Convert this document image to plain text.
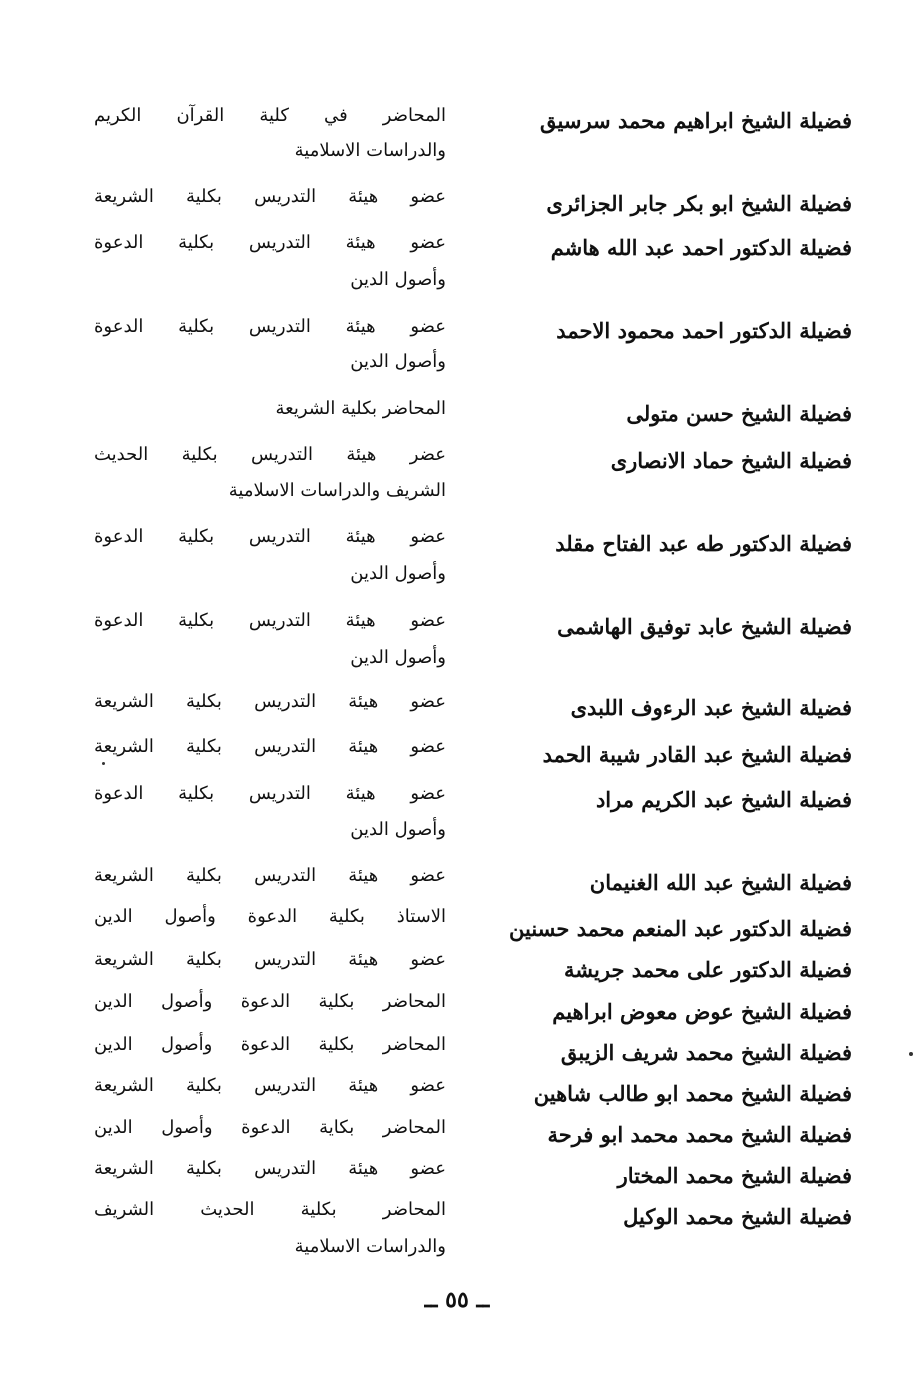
فضيلة الشيخ ابراهيم محمد سرسيق
فضيلة الشيخ ابو بكر جابر الجزائرى
فضيلة الدكتور احمد عبد الله هاشم
فضيلة الدكتور احمد محمود الاحمد
فضيلة الشيخ حسن متولى
فضيلة الشيخ حماد الانصارى
فضيلة الدكتور طه عبد الفتاح مقلد
فضيلة الشيخ عابد توفيق الهاشمى
فضيلة الشيخ عبد الرءوف اللبدى
فضيلة الشيخ عبد القادر شيبة الحمد
فضيلة الشيخ عبد الكريم مراد
فضيلة الشيخ عبد الله الغنيمان
فضيلة الدكتور عبد المنعم محمد حسنين
فضيلة الدكتور على محمد جريشة
فضيلة الشيخ عوض معوض ابراهيم
فضيلة الشيخ محمد شريف الزيبق
فضيلة الشيخ محمد ابو طالب شاهين
فضيلة الشيخ محمد محمد ابو فرحة
فضيلة الشيخ محمد المختار
فضيلة الشيخ محمد الوكيل
المحاضر في كلية القرآن الكريم
والدراسات الاسلامية
عضو هيئة التدريس بكلية الشريعة
عضو هيئة التدريس بكلية الدعوة
وأصول الدين
عضو هيئة التدريس بكلية الدعوة
وأصول الدين
المحاضر بكلية الشريعة
عضر هيئة التدريس بكلية الحديث
الشريف والدراسات الاسلامية
عضو هيئة التدريس بكلية الدعوة
وأصول الدين
عضو هيئة التدريس بكلية الدعوة
وأصول الدين
عضو هيئة التدريس بكلية الشريعة
عضو هيئة التدريس بكلية الشريعة
عضو هيئة التدريس بكلية الدعوة
وأصول الدين
عضو هيئة التدريس بكلية الشريعة
الاستاذ بكلية الدعوة وأصول الدين
عضو هيئة التدريس بكلية الشريعة
المحاضر بكلية الدعوة وأصول الدين
المحاضر بكلية الدعوة وأصول الدين
عضو هيئة التدريس بكلية الشريعة
المحاضر بكاية الدعوة وأصول الدين
عضو هيئة التدريس بكلية الشريعة
المحاضر بكلية الحديث الشريف
والدراسات الاسلامية
ــ ٥٥ ــ
